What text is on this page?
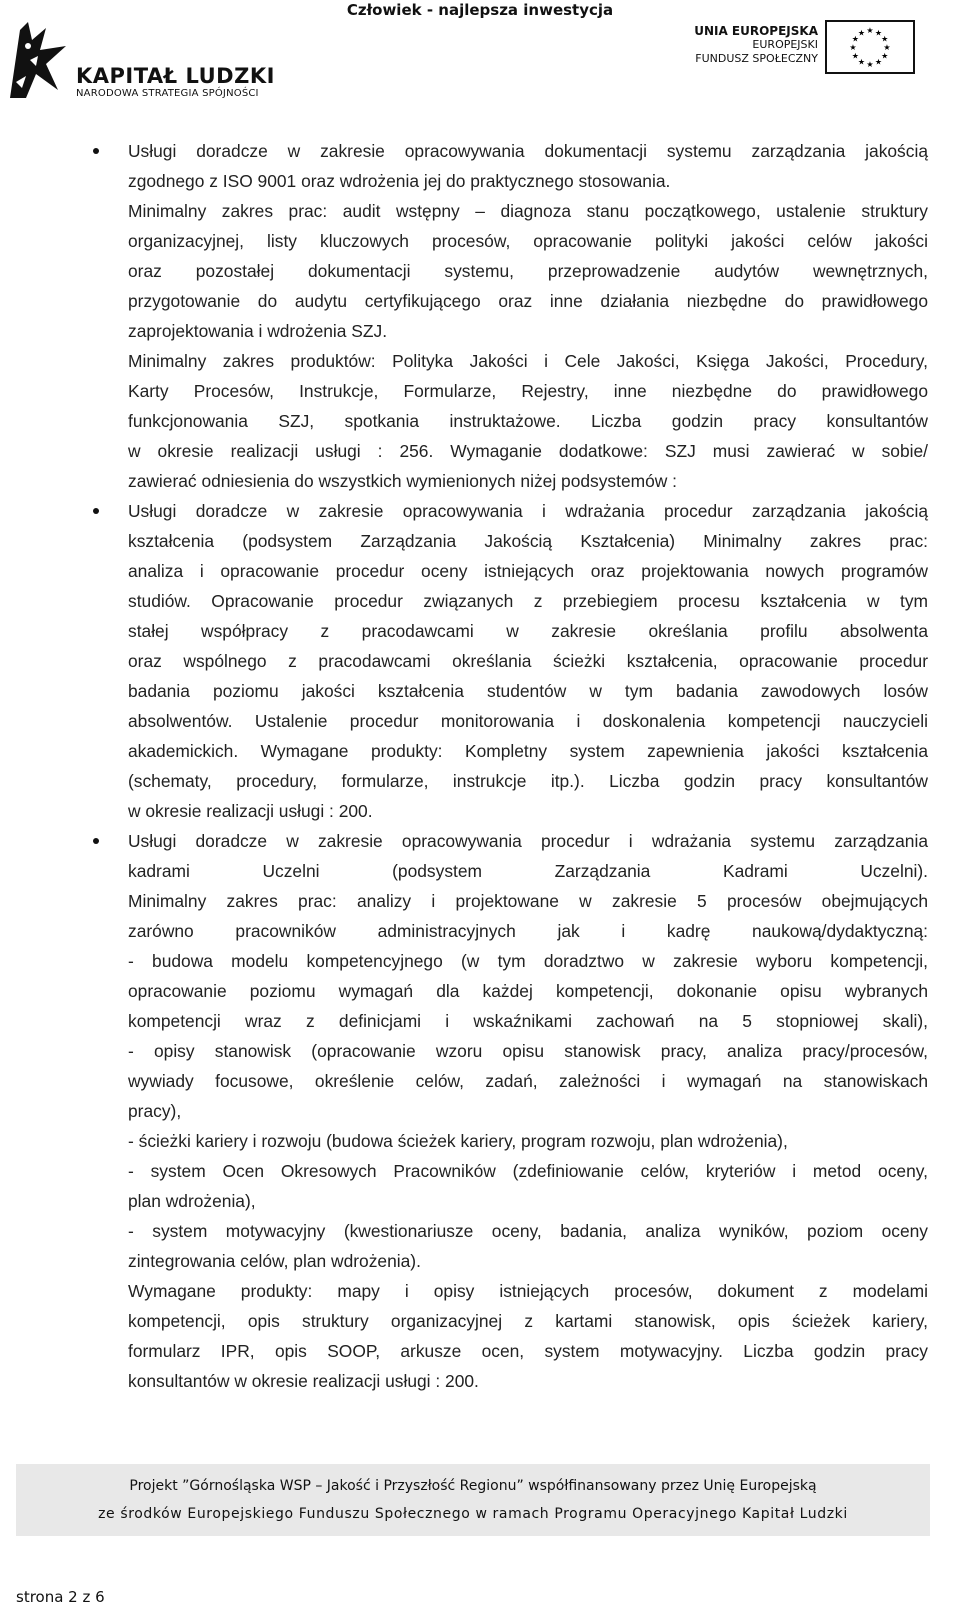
Człowiek - najlepsza inwestycja
KAPITAŁ LUDZKI
NARODOWA STRATEGIA SPÓJNOŚCI
UNIA EUROPEJSKA
EUROPEJSKI
FUNDUSZ SPOŁECZNY
★
★
★
★
★
★
★
★
★ ★ ★
★
Usługi doradcze w zakresie opracowywania dokumentacji systemu zarządzania jakością
zgodnego z ISO 9001 oraz wdrożenia jej do praktycznego stosowania.
Minimalny zakres prac: audit wstępny – diagnoza stanu początkowego, ustalenie struktury
organizacyjnej, listy kluczowych procesów, opracowanie polityki jakości celów jakości
oraz pozostałej dokumentacji systemu, przeprowadzenie audytów wewnętrznych,
przygotowanie do audytu certyfikującego oraz inne działania niezbędne do prawidłowego
zaprojektowania i wdrożenia SZJ.
Minimalny zakres produktów: Polityka Jakości i Cele Jakości, Księga Jakości, Procedury,
Karty Procesów, Instrukcje, Formularze, Rejestry, inne niezbędne do prawidłowego
funkcjonowania SZJ, spotkania instruktażowe. Liczba godzin pracy konsultantów
w okresie realizacji usługi : 256. Wymaganie dodatkowe: SZJ musi zawierać w sobie/
zawierać odniesienia do wszystkich wymienionych niżej podsystemów :
Usługi doradcze w zakresie opracowywania i wdrażania procedur zarządzania jakością
kształcenia (podsystem Zarządzania Jakością Kształcenia) Minimalny zakres prac:
analiza i opracowanie procedur oceny istniejących oraz projektowania nowych programów
studiów. Opracowanie procedur związanych z przebiegiem procesu kształcenia w tym
stałej współpracy z pracodawcami w zakresie określania profilu absolwenta
oraz wspólnego z pracodawcami określania ścieżki kształcenia, opracowanie procedur
badania poziomu jakości kształcenia studentów w tym badania zawodowych losów
absolwentów. Ustalenie procedur monitorowania i doskonalenia kompetencji nauczycieli
akademickich. Wymagane produkty: Kompletny system zapewnienia jakości kształcenia
(schematy, procedury, formularze, instrukcje itp.). Liczba godzin pracy konsultantów
w okresie realizacji usługi : 200.
Usługi doradcze w zakresie opracowywania procedur i wdrażania systemu zarządzania
kadrami Uczelni (podsystem Zarządzania Kadrami Uczelni).
Minimalny zakres prac: analizy i projektowane w zakresie 5 procesów obejmujących
zarówno pracowników administracyjnych jak i kadrę naukową/dydaktyczną:
- budowa modelu kompetencyjnego (w tym doradztwo w zakresie wyboru kompetencji,
opracowanie poziomu wymagań dla każdej kompetencji, dokonanie opisu wybranych
kompetencji wraz z definicjami i wskaźnikami zachowań na 5 stopniowej skali),
- opisy stanowisk (opracowanie wzoru opisu stanowisk pracy, analiza pracy/procesów,
wywiady focusowe, określenie celów, zadań, zależności i wymagań na stanowiskach
pracy),
- ścieżki kariery i rozwoju (budowa ścieżek kariery, program rozwoju, plan wdrożenia),
- system Ocen Okresowych Pracowników (zdefiniowanie celów, kryteriów i metod oceny,
plan wdrożenia),
- system motywacyjny (kwestionariusze oceny, badania, analiza wyników, poziom oceny
zintegrowania celów, plan wdrożenia).
Wymagane produkty: mapy i opisy istniejących procesów, dokument z modelami
kompetencji, opis struktury organizacyjnej z kartami stanowisk, opis ścieżek kariery,
formularz IPR, opis SOOP, arkusze ocen, system motywacyjny. Liczba godzin pracy
konsultantów w okresie realizacji usługi : 200.
Projekt ”Górnośląska WSP – Jakość i Przyszłość Regionu” współfinansowany przez Unię Europejską
ze środków Europejskiego Funduszu Społecznego w ramach Programu Operacyjnego Kapitał Ludzki
strona 2 z 6
